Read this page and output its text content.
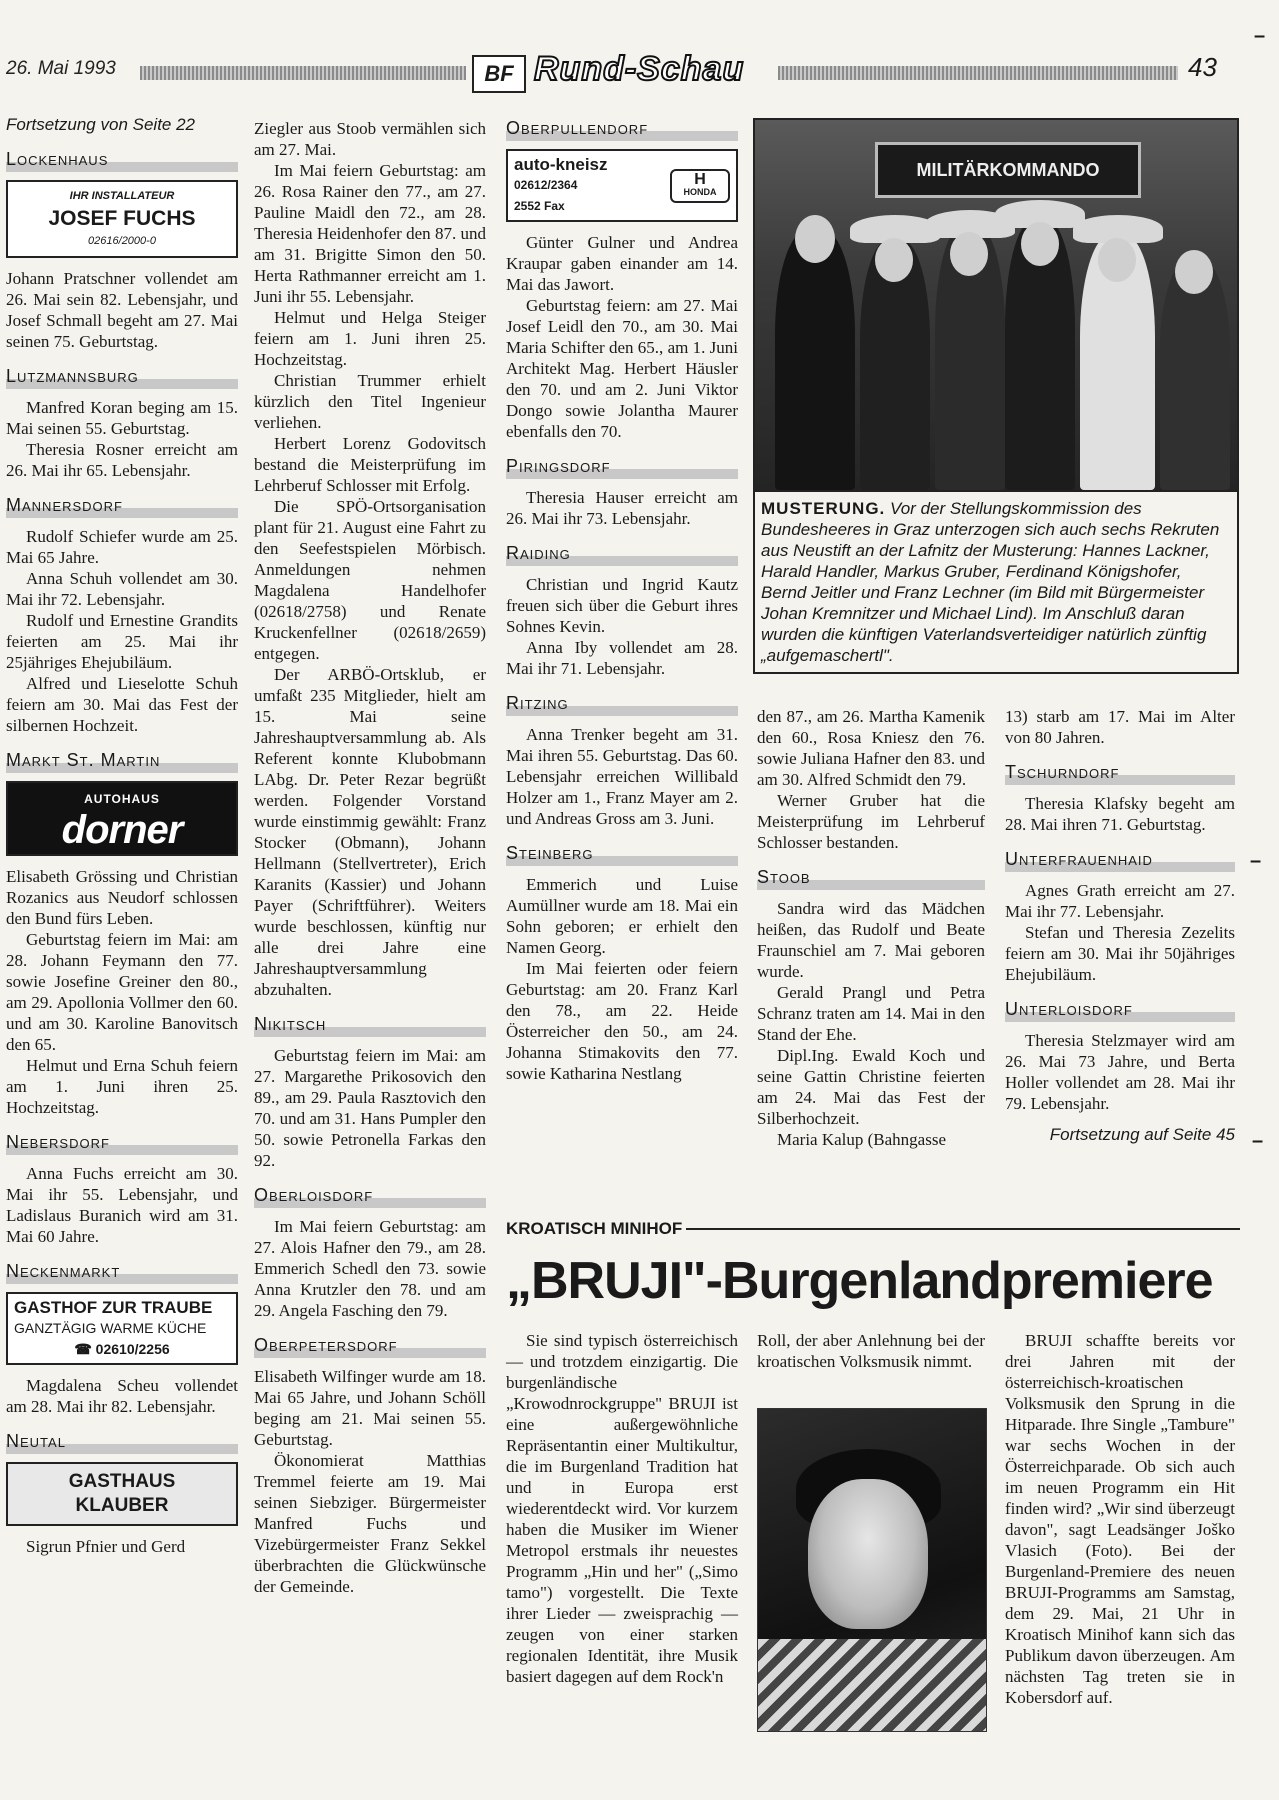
26. Mai 1993	BF Rund-Schau	43
Fortsetzung von Seite 22
Lockenhaus
IHR INSTALLATEUR
JOSEF FUCHS
02616/2000-0

Johann Pratschner vollendet am 26. Mai sein 82. Lebensjahr, und Josef Schmall begeht am 27. Mai seinen 75. Geburtstag.

Lutzmannsburg

Manfred Koran beging am 15. Mai seinen 55. Geburtstag.

Theresia Rosner erreicht am 26. Mai ihr 65. Lebensjahr.

Mannersdorf

Rudolf Schiefer wurde am 25. Mai 65 Jahre.

Anna Schuh vollendet am 30. Mai ihr 72. Lebensjahr.

Rudolf und Ernestine Grandits feierten am 25. Mai ihr 25jähriges Ehejubiläum.

Alfred und Lieselotte Schuh feiern am 30. Mai das Fest der silbernen Hochzeit.

Markt St. Martin
AUTOHAUS
dorner

Elisabeth Grössing und Christian Rozanics aus Neudorf schlossen den Bund fürs Leben.

Geburtstag feiern im Mai: am 28. Johann Feymann den 77. sowie Josefine Greiner den 80., am 29. Apollonia Vollmer den 60. und am 30. Karoline Banovitsch den 65.

Helmut und Erna Schuh feiern am 1. Juni ihren 25. Hochzeitstag.

Nebersdorf

Anna Fuchs erreicht am 30. Mai ihr 55. Lebensjahr, und Ladislaus Buranich wird am 31. Mai 60 Jahre.

Neckenmarkt
GASTHOF ZUR TRAUBE
GANZTÄGIG WARME KÜCHE
☎ 02610/2256

Magdalena Scheu vollendet am 28. Mai ihr 82. Lebensjahr.

Neutal
GASTHAUS
KLAUBER

Sigrun Pfnier und Gerd

Ziegler aus Stoob vermählen sich am 27. Mai.

Im Mai feiern Geburtstag: am 26. Rosa Rainer den 77., am 27. Pauline Maidl den 72., am 28. Theresia Heidenhofer den 87. und am 31. Brigitte Simon den 50. Herta Rathmanner erreicht am 1. Juni ihr 55. Lebensjahr.

Helmut und Helga Steiger feiern am 1. Juni ihren 25. Hochzeitstag.

Christian Trummer erhielt kürzlich den Titel Ingenieur verliehen.

Herbert Lorenz Godovitsch bestand die Meisterprüfung im Lehrberuf Schlosser mit Erfolg.

Die SPÖ-Ortsorganisation plant für 21. August eine Fahrt zu den Seefestspielen Mörbisch. Anmeldungen nehmen Magdalena Handelhofer (02618/2758) und Renate Kruckenfellner (02618/2659) entgegen.

Der ARBÖ-Ortsklub, er umfaßt 235 Mitglieder, hielt am 15. Mai seine Jahreshauptversammlung ab. Als Referent konnte Klubobmann LAbg. Dr. Peter Rezar begrüßt werden. Folgender Vorstand wurde einstimmig gewählt: Franz Stocker (Obmann), Johann Hellmann (Stellvertreter), Erich Karanits (Kassier) und Johann Payer (Schriftführer). Weiters wurde beschlossen, künftig nur alle drei Jahre eine Jahreshauptversammlung abzuhalten.

Nikitsch

Geburtstag feiern im Mai: am 27. Margarethe Prikosovich den 89., am 29. Paula Rasztovich den 70. und am 31. Hans Pumpler den 50. sowie Petronella Farkas den 92.

Oberloisdorf

Im Mai feiern Geburtstag: am 27. Alois Hafner den 79., am 28. Emmerich Schedl den 73. sowie Anna Krutzler den 78. und am 29. Angela Fasching den 79.

Oberpetersdorf

Elisabeth Wilfinger wurde am 18. Mai 65 Jahre, und Johann Schöll beging am 21. Mai seinen 55. Geburtstag.

Ökonomierat Matthias Tremmel feierte am 19. Mai seinen Siebziger. Bürgermeister Manfred Fuchs und Vizebürgermeister Franz Sekkel überbrachten die Glückwünsche der Gemeinde.

Oberpullendorf
auto-kneisz
02612/2364
2552 Fax
H
HONDA

Günter Gulner und Andrea Kraupar gaben einander am 14. Mai das Jawort.

Geburtstag feiern: am 27. Mai Josef Leidl den 70., am 30. Mai Maria Schifter den 65., am 1. Juni Architekt Mag. Herbert Häusler den 70. und am 2. Juni Viktor Dongo sowie Jolantha Maurer ebenfalls den 70.

Piringsdorf

Theresia Hauser erreicht am 26. Mai ihr 73. Lebensjahr.

Raiding

Christian und Ingrid Kautz freuen sich über die Geburt ihres Sohnes Kevin.

Anna Iby vollendet am 28. Mai ihr 71. Lebensjahr.

Ritzing

Anna Trenker begeht am 31. Mai ihren 55. Geburtstag. Das 60. Lebensjahr erreichen Willibald Holzer am 1., Franz Mayer am 2. und Andreas Gross am 3. Juni.

Steinberg

Emmerich und Luise Aumüllner wurde am 18. Mai ein Sohn geboren; er erhielt den Namen Georg.

Im Mai feierten oder feiern Geburtstag: am 20. Franz Karl den 78., am 22. Heide Österreicher den 50., am 24. Johanna Stimakovits den 77. sowie Katharina Nestlang

MILITÄRKOMMANDO
MUSTERUNG. Vor der Stellungskommission des Bundesheeres in Graz unterzogen sich auch sechs Rekruten aus Neustift an der Lafnitz der Musterung: Hannes Lackner, Harald Handler, Markus Gruber, Ferdinand Königshofer, Bernd Jeitler und Franz Lechner (im Bild mit Bürgermeister Johan Kremnitzer und Michael Lind). Im Anschluß daran wurden die künftigen Vaterlandsverteidiger natürlich zünftig „aufgemaschertl".

den 87., am 26. Martha Kamenik den 60., Rosa Kniesz den 76. sowie Juliana Hafner den 83. und am 30. Alfred Schmidt den 79.

Werner Gruber hat die Meisterprüfung im Lehrberuf Schlosser bestanden.

Stoob

Sandra wird das Mädchen heißen, das Rudolf und Beate Fraunschiel am 7. Mai geboren wurde.

Gerald Prangl und Petra Schranz traten am 14. Mai in den Stand der Ehe.

Dipl.Ing. Ewald Koch und seine Gattin Christine feierten am 24. Mai das Fest der Silberhochzeit.

Maria Kalup (Bahngasse

13) starb am 17. Mai im Alter von 80 Jahren.

Tschurndorf

Theresia Klafsky begeht am 28. Mai ihren 71. Geburtstag.

Unterfrauenhaid

Agnes Grath erreicht am 27. Mai ihr 77. Lebensjahr.

Stefan und Theresia Zezelits feiern am 30. Mai ihr 50jähriges Ehejubiläum.

Unterloisdorf

Theresia Stelzmayer wird am 26. Mai 73 Jahre, und Berta Holler vollendet am 28. Mai ihr 79. Lebensjahr.

Fortsetzung auf Seite 45
KROATISCH MINIHOF
„BRUJI"-Burgenlandpremiere

Sie sind typisch österreichisch — und trotzdem einzigartig. Die burgenländische „Krowodnrockgruppe" BRUJI ist eine außergewöhnliche Repräsentantin einer Multikultur, die im Burgenland Tradition hat und in Europa erst wiederentdeckt wird. Vor kurzem haben die Musiker im Wiener Metropol erstmals ihr neuestes Programm „Hin und her" („Simo tamo") vorgestellt. Die Texte ihrer Lieder — zweisprachig — zeugen von einer starken regionalen Identität, ihre Musik basiert dagegen auf dem Rock'n

Roll, der aber Anlehnung bei der kroatischen Volksmusik nimmt.

BRUJI schaffte bereits vor drei Jahren mit der österreichisch-kroatischen Volksmusik den Sprung in die Hitparade. Ihre Single „Tambure" war sechs Wochen in der Österreichparade. Ob sich auch im neuen Programm ein Hit finden wird? „Wir sind überzeugt davon", sagt Leadsänger Joško Vlasich (Foto). Bei der Burgenland-Premiere des neuen BRUJI-Programms am Samstag, dem 29. Mai, 21 Uhr in Kroatisch Minihof kann sich das Publikum davon überzeugen. Am nächsten Tag treten sie in Kobersdorf auf.

–
–
–
